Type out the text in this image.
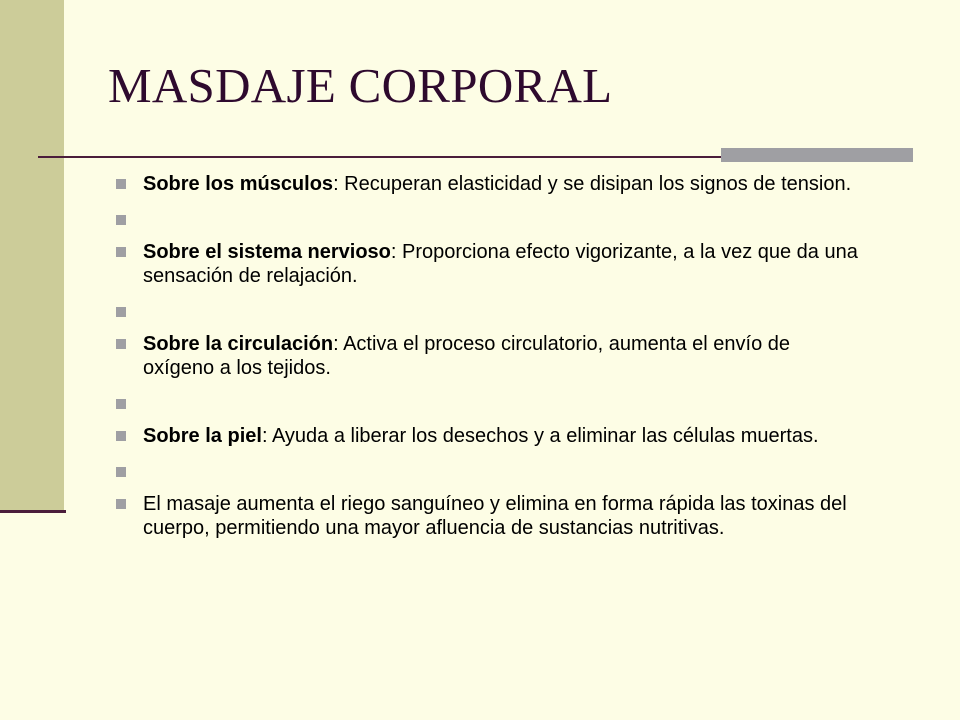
MASDAJE CORPORAL
Sobre los músculos: Recuperan elasticidad y se disipan los signos de tension.
Sobre el sistema nervioso: Proporciona efecto vigorizante, a la vez que da una sensación de relajación.
Sobre la circulación: Activa el proceso circulatorio, aumenta el envío de oxígeno a los tejidos.
Sobre la piel: Ayuda a liberar los desechos y a eliminar las células muertas.
El masaje aumenta el riego sanguíneo y elimina en forma rápida las toxinas del cuerpo, permitiendo una mayor afluencia de sustancias nutritivas.
